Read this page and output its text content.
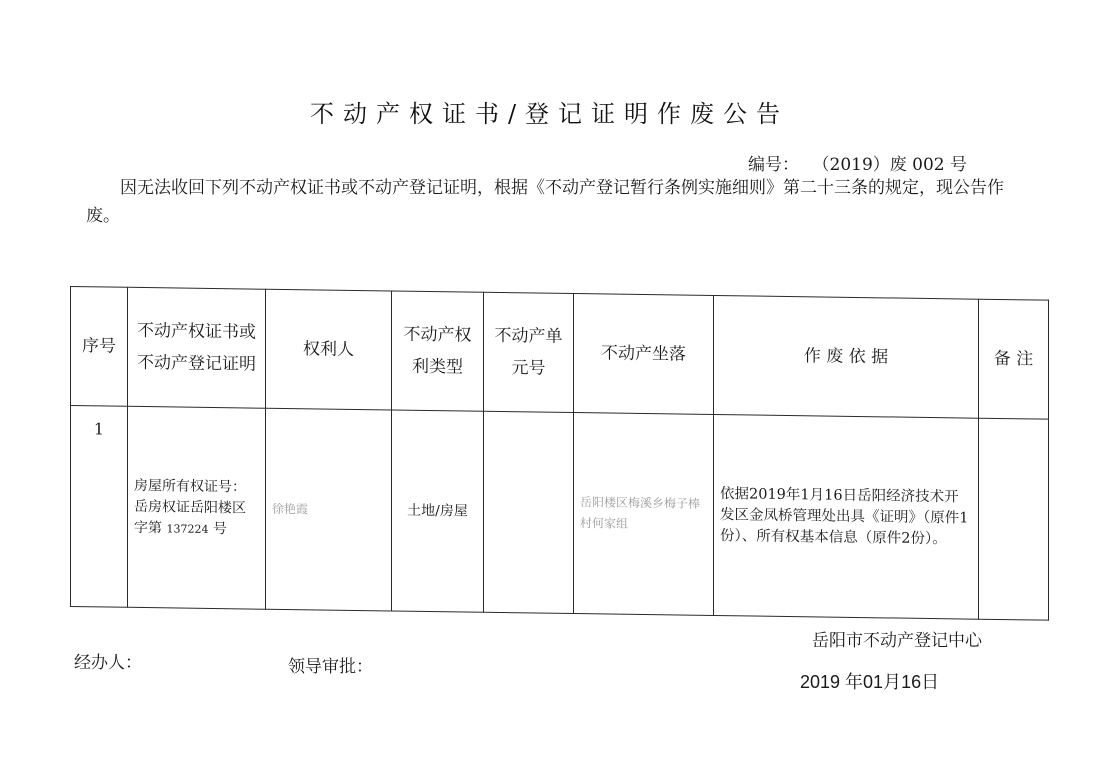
不动产权证书/登记证明作废公告
编号： （2019）废 002 号
因无法收回下列不动产权证书或不动产登记证明，根据《不动产登记暂行条例实施细则》第二十三条的规定，现公告作废。
序号	不动产权证书或不动产登记证明	权利人	不动产权利类型	不动产单元号	不动产坐落	作 废 依 据	备 注
1	房屋所有权证号：岳房权证岳阳楼区字第 137224 号	徐艳霞	土地/房屋		岳阳楼区梅溪乡梅子棒村何家组	依据2019年1月16日岳阳经济技术开发区金凤桥管理处出具《证明》（原件1份）、所有权基本信息（原件2份）。	
岳阳市不动产登记中心
经办人：	领导审批：
2019 年01月16日
